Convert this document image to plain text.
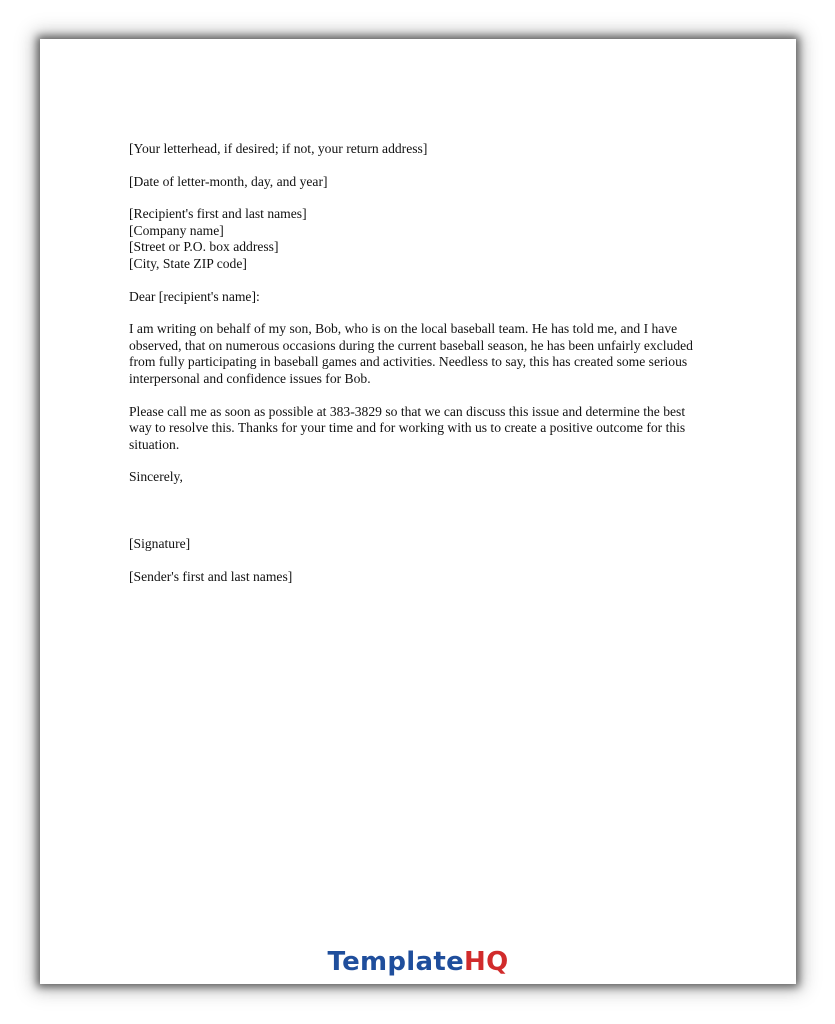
[Your letterhead, if desired; if not, your return address]

[Date of letter-month, day, and year]

[Recipient's first and last names]
[Company name]
[Street or P.O. box address]
[City, State ZIP code]

Dear [recipient's name]:

I am writing on behalf of my son, Bob, who is on the local baseball team. He has told me, and I have observed, that on numerous occasions during the current baseball season, he has been unfairly excluded from fully participating in baseball games and activities. Needless to say, this has created some serious interpersonal and confidence issues for Bob.

Please call me as soon as possible at 383-3829 so that we can discuss this issue and determine the best way to resolve this. Thanks for your time and for working with us to create a positive outcome for this situation.

Sincerely,

[Signature]

[Sender's first and last names]

TemplateHQ
